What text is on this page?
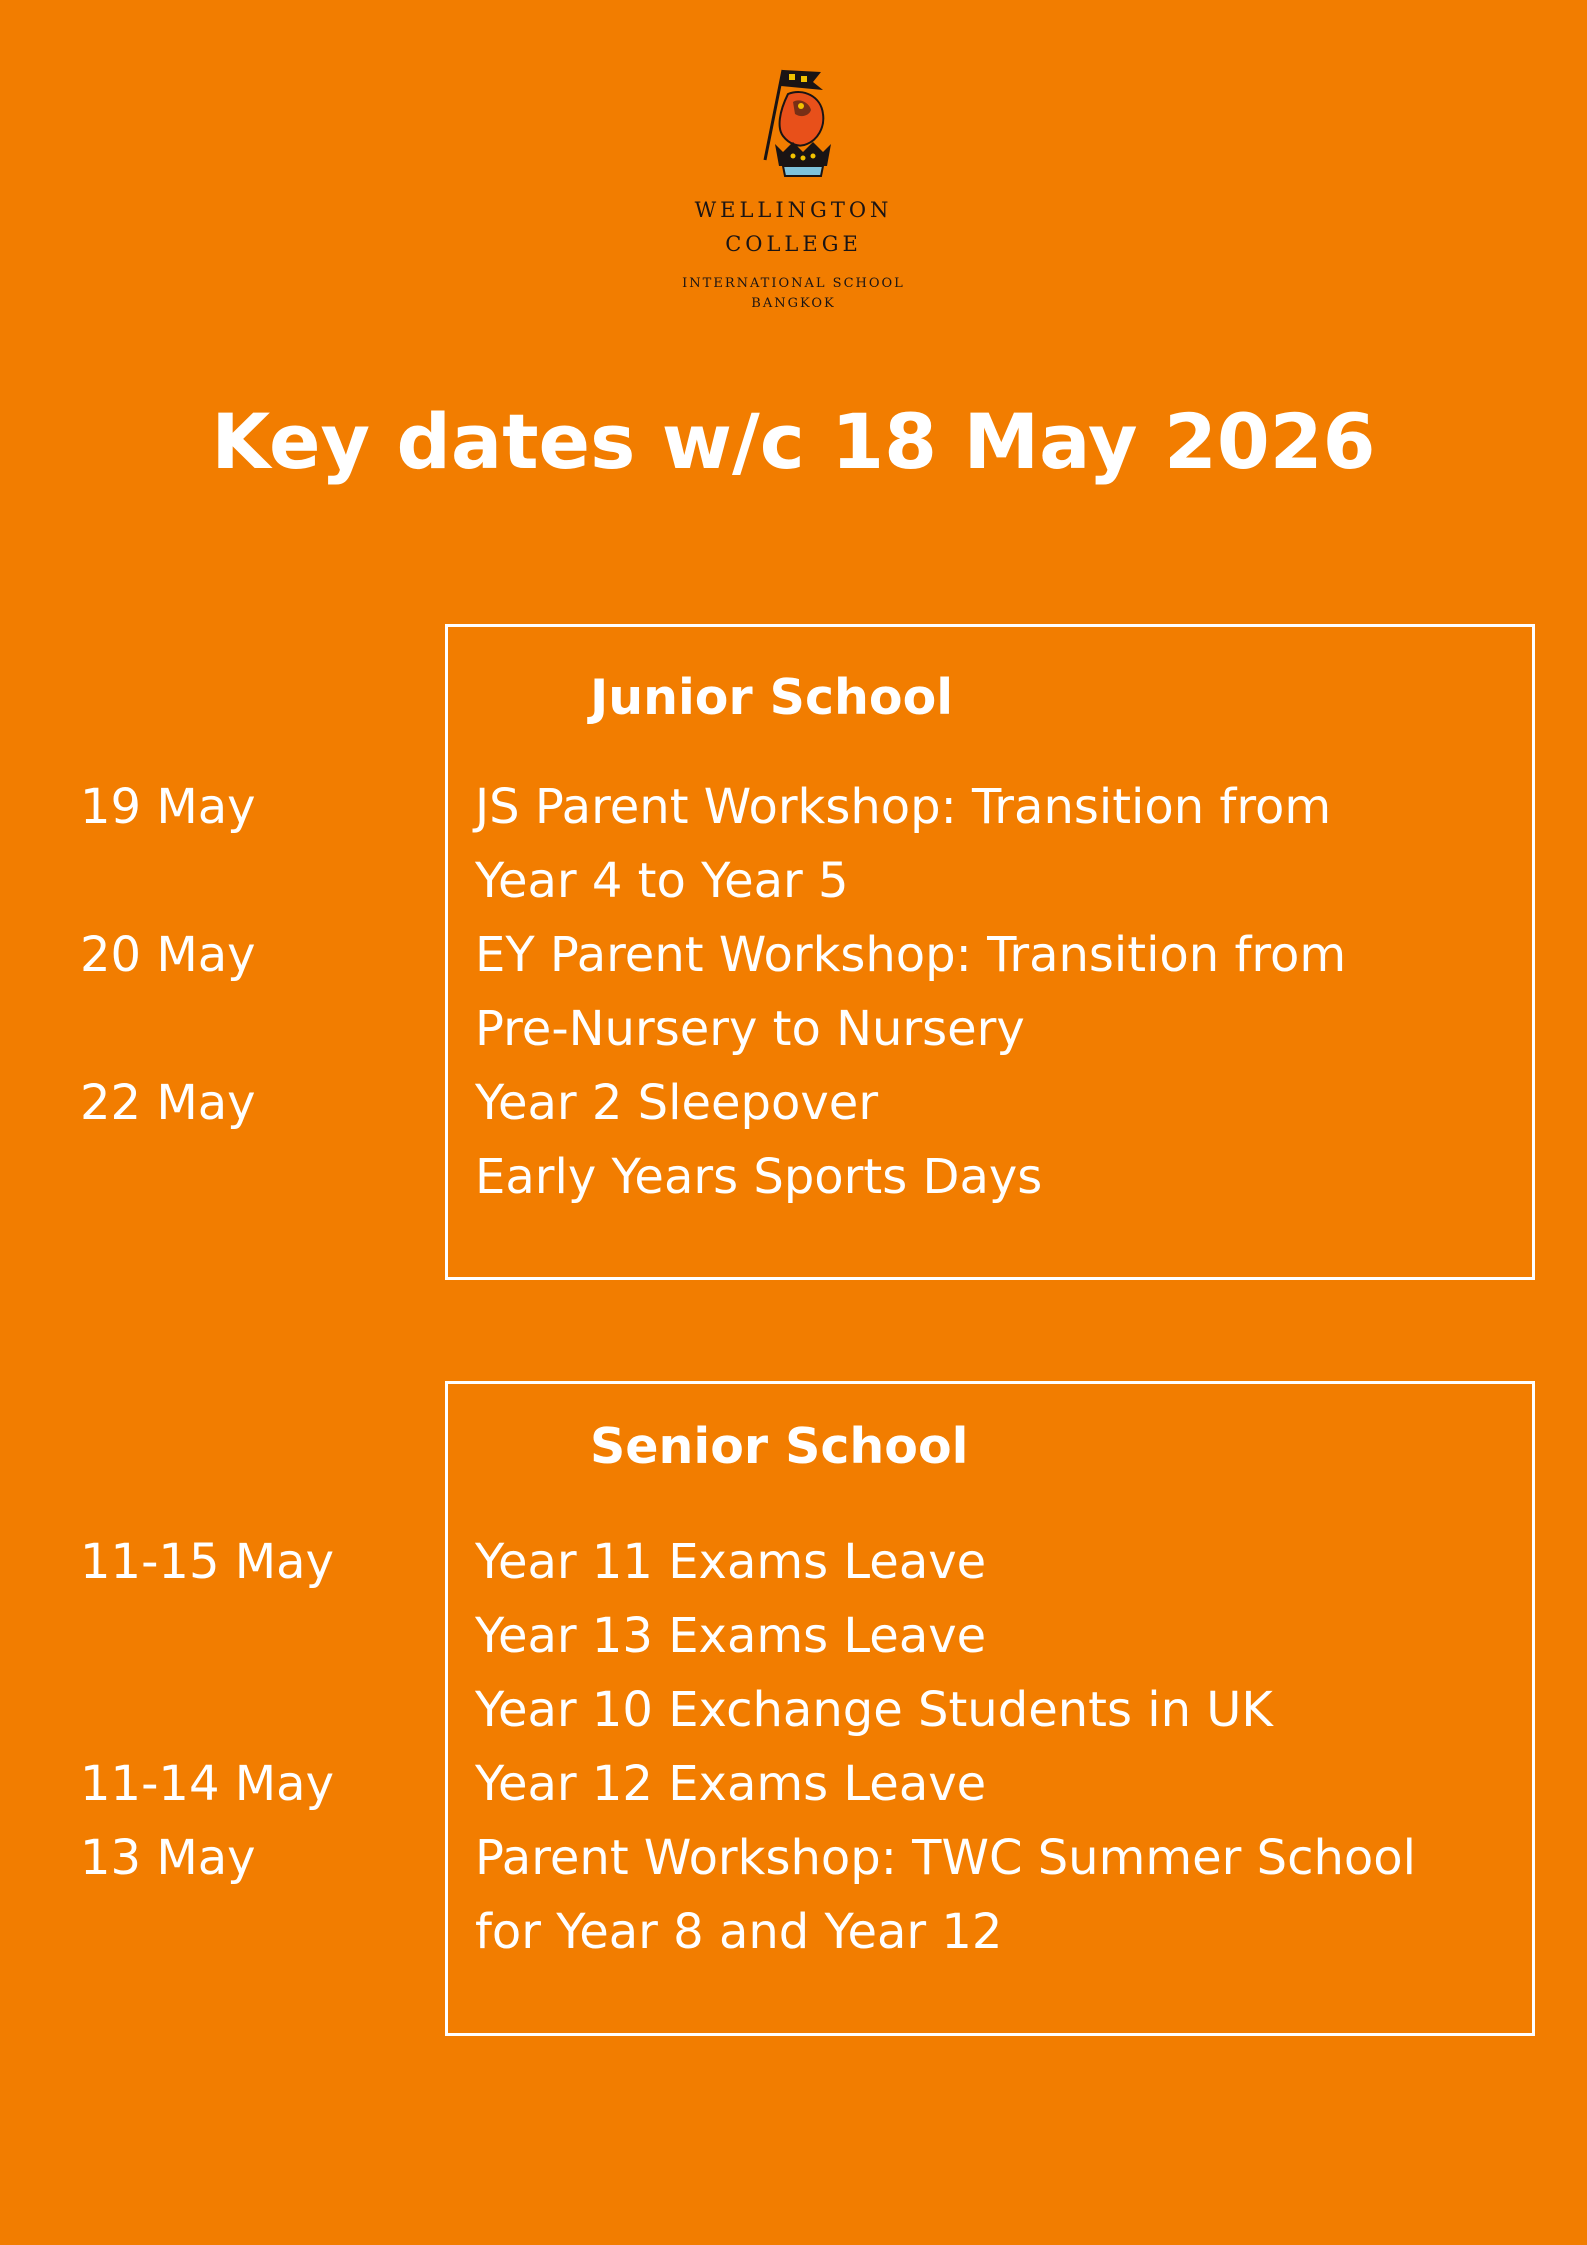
WELLINGTON
COLLEGE
INTERNATIONAL SCHOOL
BANGKOK
Key dates w/c 18 May 2026
Junior School
19 May	JS Parent Workshop: Transition from
Year 4 to Year 5
20 May	EY Parent Workshop: Transition from
Pre-Nursery to Nursery
22 May	Year 2 Sleepover
Early Years Sports Days
Senior School
11-15 May	Year 11 Exams Leave
Year 13 Exams Leave
Year 10 Exchange Students in UK
11-14 May	Year 12 Exams Leave
13 May	Parent Workshop: TWC Summer School
for Year 8 and Year 12
